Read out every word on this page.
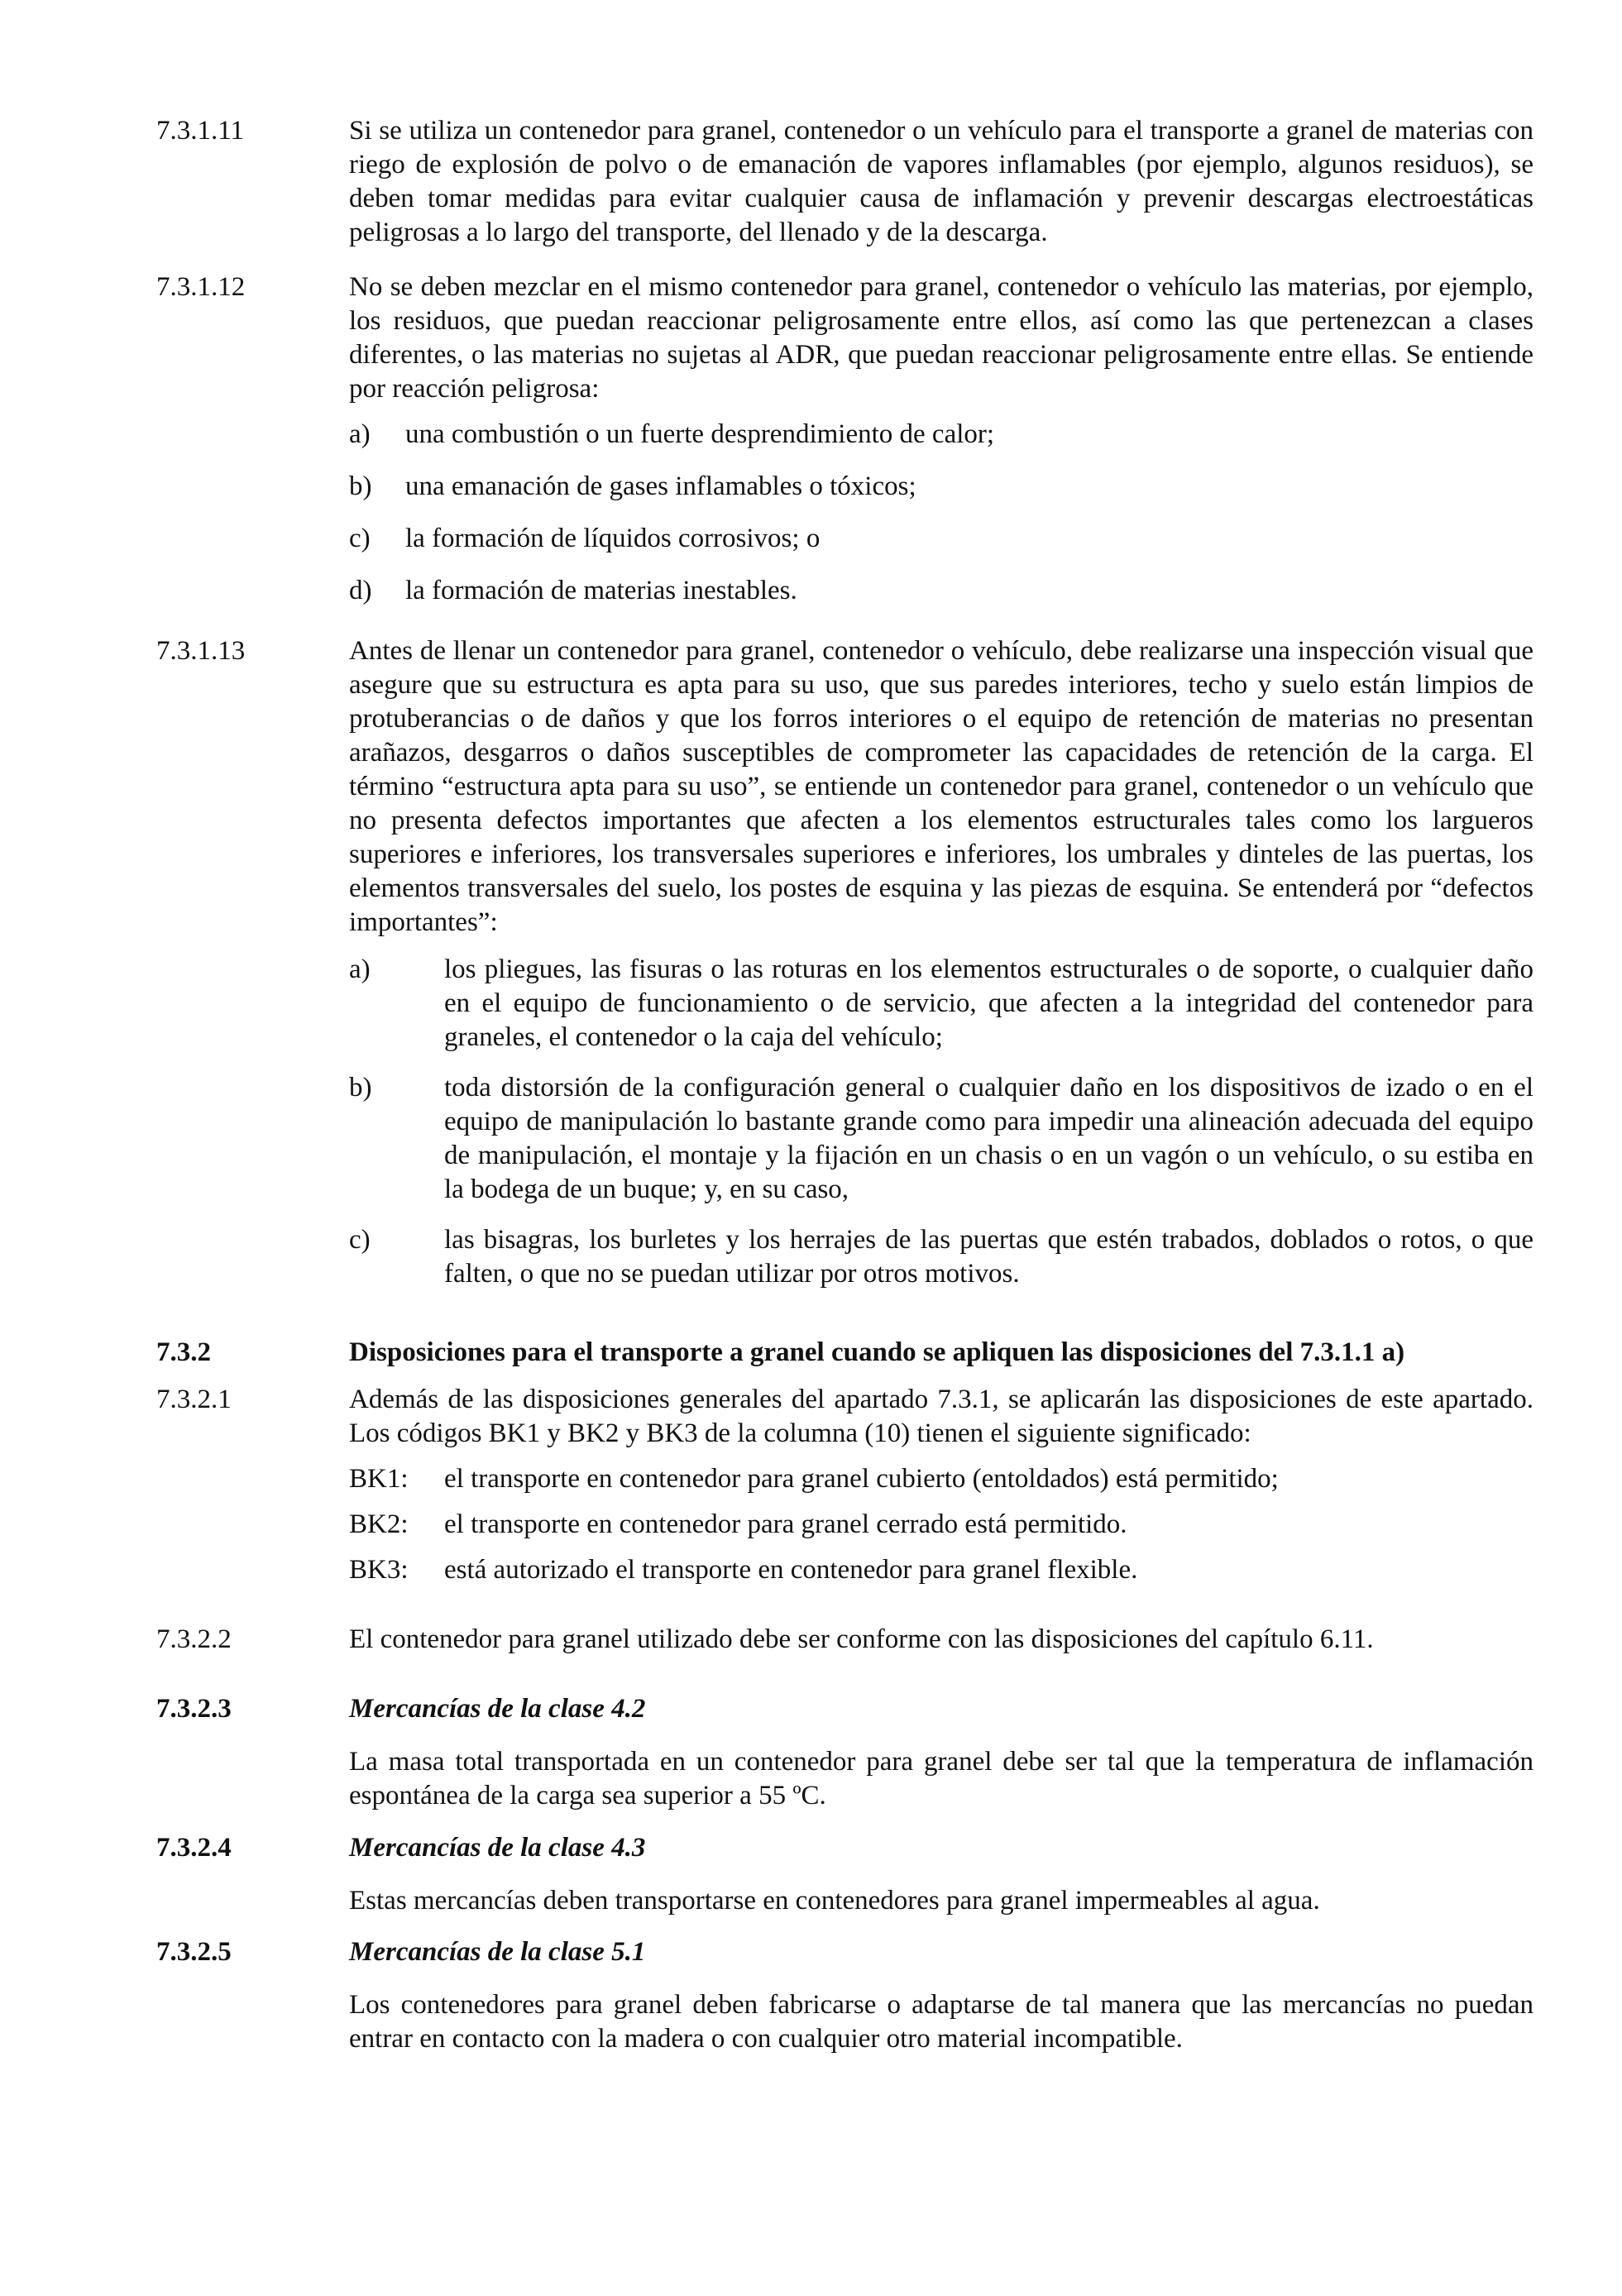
7.3.1.11	Si se utiliza un contenedor para granel, contenedor o un vehículo para el transporte a granel de materias con riego de explosión de polvo o de emanación de vapores inflamables (por ejemplo, algunos residuos), se deben tomar medidas para evitar cualquier causa de inflamación y prevenir descargas electroestáticas peligrosas a lo largo del transporte, del llenado y de la descarga.
7.3.1.12	No se deben mezclar en el mismo contenedor para granel, contenedor o vehículo las materias, por ejemplo, los residuos, que puedan reaccionar peligrosamente entre ellos, así como las que pertenezcan a clases diferentes, o las materias no sujetas al ADR, que puedan reaccionar peligrosamente entre ellas. Se entiende por reacción peligrosa:
a) una combustión o un fuerte desprendimiento de calor;
b) una emanación de gases inflamables o tóxicos;
c) la formación de líquidos corrosivos; o
d) la formación de materias inestables.
7.3.1.13	Antes de llenar un contenedor para granel, contenedor o vehículo, debe realizarse una inspección visual que asegure que su estructura es apta para su uso, que sus paredes interiores, techo y suelo están limpios de protuberancias o de daños y que los forros interiores o el equipo de retención de materias no presentan arañazos, desgarros o daños susceptibles de comprometer las capacidades de retención de la carga. El término “estructura apta para su uso”, se entiende un contenedor para granel, contenedor o un vehículo que no presenta defectos importantes que afecten a los elementos estructurales tales como los largueros superiores e inferiores, los transversales superiores e inferiores, los umbrales y dinteles de las puertas, los elementos transversales del suelo, los postes de esquina y las piezas de esquina. Se entenderá por “defectos importantes”:
a)	los pliegues, las fisuras o las roturas en los elementos estructurales o de soporte, o cualquier daño en el equipo de funcionamiento o de servicio, que afecten a la integridad del contenedor para graneles, el contenedor o la caja del vehículo;
b)	toda distorsión de la configuración general o cualquier daño en los dispositivos de izado o en el equipo de manipulación lo bastante grande como para impedir una alineación adecuada del equipo de manipulación, el montaje y la fijación en un chasis o en un vagón o un vehículo, o su estiba en la bodega de un buque; y, en su caso,
c)	las bisagras, los burletes y los herrajes de las puertas que estén trabados, doblados o rotos, o que falten, o que no se puedan utilizar por otros motivos.
7.3.2	Disposiciones para el transporte a granel cuando se apliquen las disposiciones del 7.3.1.1 a)
7.3.2.1	Además de las disposiciones generales del apartado 7.3.1, se aplicarán las disposiciones de este apartado. Los códigos BK1 y BK2 y BK3 de la columna (10) tienen el siguiente significado:
BK1: el transporte en contenedor para granel cubierto (entoldados) está permitido;
BK2: el transporte en contenedor para granel cerrado está permitido.
BK3: está autorizado el transporte en contenedor para granel flexible.
7.3.2.2	El contenedor para granel utilizado debe ser conforme con las disposiciones del capítulo 6.11.
7.3.2.3	Mercancías de la clase 4.2
La masa total transportada en un contenedor para granel debe ser tal que la temperatura de inflamación espontánea de la carga sea superior a 55 ºC.
7.3.2.4	Mercancías de la clase 4.3
Estas mercancías deben transportarse en contenedores para granel impermeables al agua.
7.3.2.5	Mercancías de la clase 5.1
Los contenedores para granel deben fabricarse o adaptarse de tal manera que las mercancías no puedan entrar en contacto con la madera o con cualquier otro material incompatible.
